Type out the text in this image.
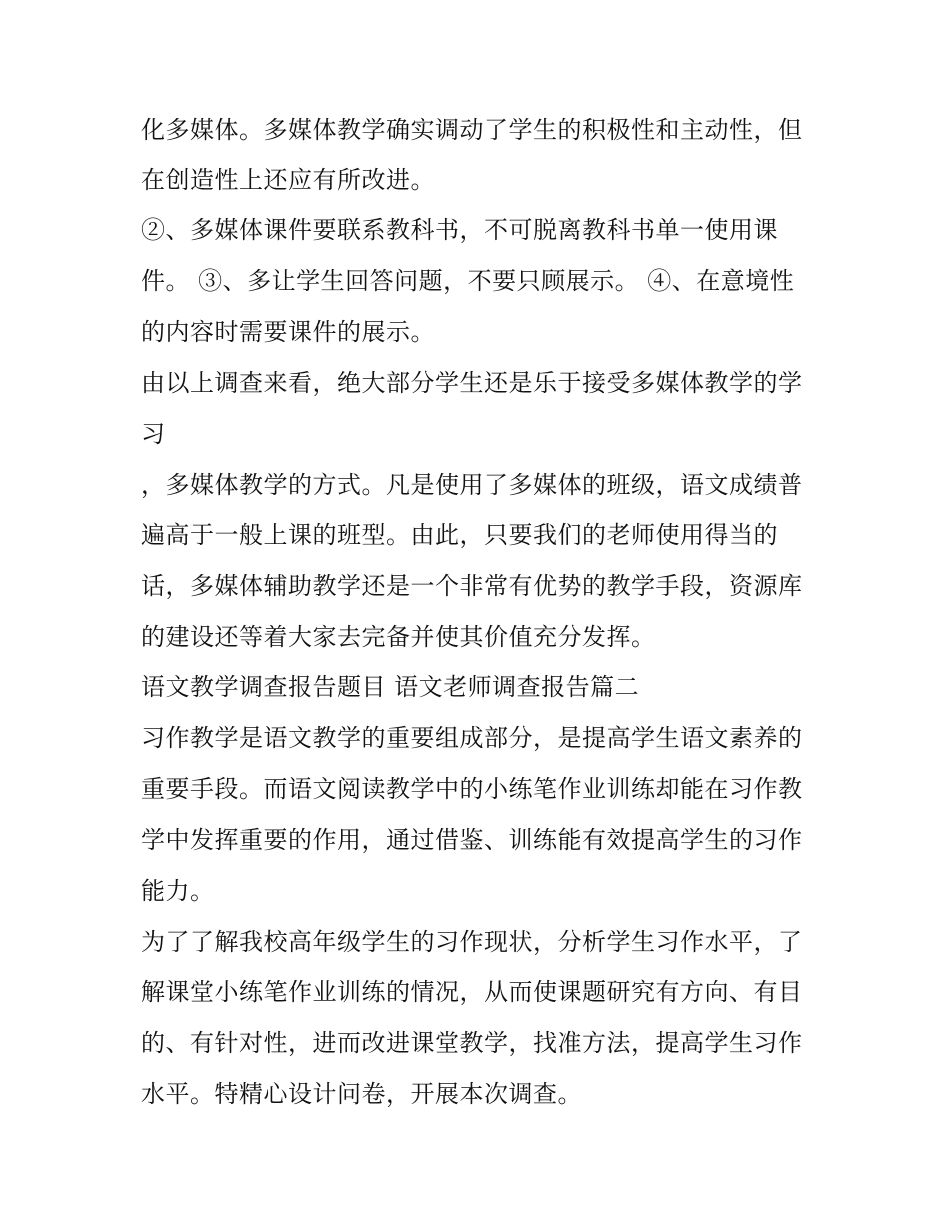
化多媒体。多媒体教学确实调动了学生的积极性和主动性，但
在创造性上还应有所改进。
②、多媒体课件要联系教科书，不可脱离教科书单一使用课
件。 ③、多让学生回答问题，不要只顾展示。 ④、在意境性
的内容时需要课件的展示。
由以上调查来看，绝大部分学生还是乐于接受多媒体教学的学
习
，多媒体教学的方式。凡是使用了多媒体的班级，语文成绩普
遍高于一般上课的班型。由此，只要我们的老师使用得当的
话，多媒体辅助教学还是一个非常有优势的教学手段，资源库
的建设还等着大家去完备并使其价值充分发挥。
语文教学调查报告题目 语文老师调查报告篇二
习作教学是语文教学的重要组成部分，是提高学生语文素养的
重要手段。而语文阅读教学中的小练笔作业训练却能在习作教
学中发挥重要的作用，通过借鉴、训练能有效提高学生的习作
能力。
为了了解我校高年级学生的习作现状，分析学生习作水平，了
解课堂小练笔作业训练的情况，从而使课题研究有方向、有目
的、有针对性，进而改进课堂教学，找准方法，提高学生习作
水平。特精心设计问卷，开展本次调查。
